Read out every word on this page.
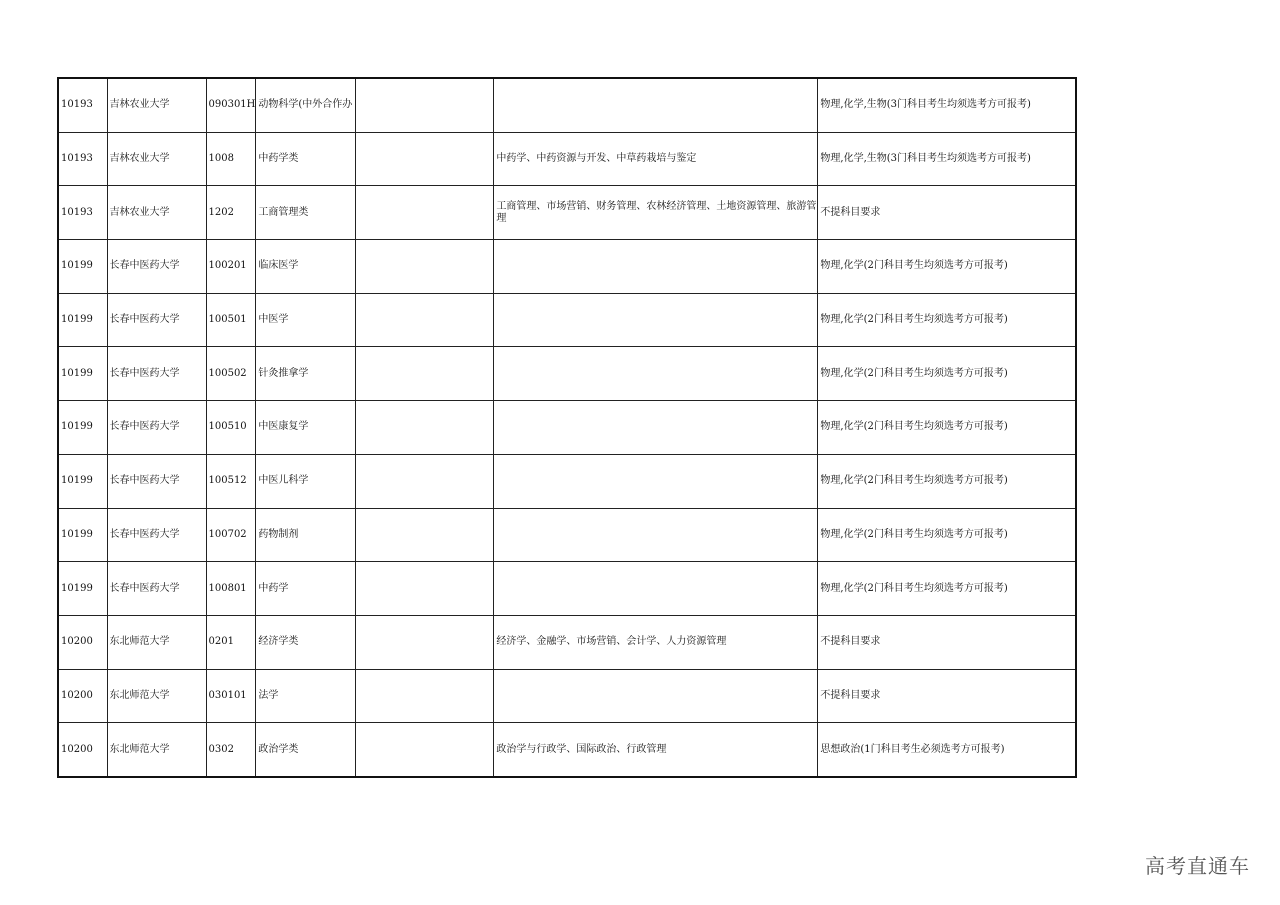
10193	吉林农业大学	090301H	动物科学(中外合作办			物理,化学,生物(3门科目考生均须选考方可报考)
10193	吉林农业大学	1008	中药学类		中药学、中药资源与开发、中草药栽培与鉴定	物理,化学,生物(3门科目考生均须选考方可报考)
10193	吉林农业大学	1202	工商管理类		工商管理、市场营销、财务管理、农林经济管理、土地资源管理、旅游管理	不提科目要求
10199	长春中医药大学	100201	临床医学			物理,化学(2门科目考生均须选考方可报考)
10199	长春中医药大学	100501	中医学			物理,化学(2门科目考生均须选考方可报考)
10199	长春中医药大学	100502	针灸推拿学			物理,化学(2门科目考生均须选考方可报考)
10199	长春中医药大学	100510	中医康复学			物理,化学(2门科目考生均须选考方可报考)
10199	长春中医药大学	100512	中医儿科学			物理,化学(2门科目考生均须选考方可报考)
10199	长春中医药大学	100702	药物制剂			物理,化学(2门科目考生均须选考方可报考)
10199	长春中医药大学	100801	中药学			物理,化学(2门科目考生均须选考方可报考)
10200	东北师范大学	0201	经济学类		经济学、金融学、市场营销、会计学、人力资源管理	不提科目要求
10200	东北师范大学	030101	法学			不提科目要求
10200	东北师范大学	0302	政治学类		政治学与行政学、国际政治、行政管理	思想政治(1门科目考生必须选考方可报考)
高考直通车
